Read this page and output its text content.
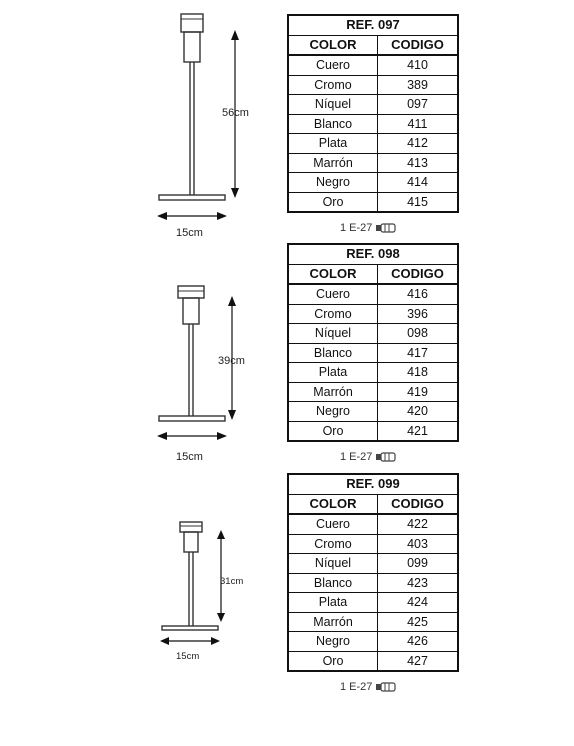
56cm
15cm
REF. 097	
COLOR	CODIGO
Cuero	410
Cromo	389
Níquel	097
Blanco	411
Plata	412
Marrón	413
Negro	414
Oro	415
1 E-27
39cm
15cm
REF. 098	
COLOR	CODIGO
Cuero	416
Cromo	396
Níquel	098
Blanco	417
Plata	418
Marrón	419
Negro	420
Oro	421
1 E-27
31cm
15cm
REF. 099	
COLOR	CODIGO
Cuero	422
Cromo	403
Níquel	099
Blanco	423
Plata	424
Marrón	425
Negro	426
Oro	427
1 E-27
